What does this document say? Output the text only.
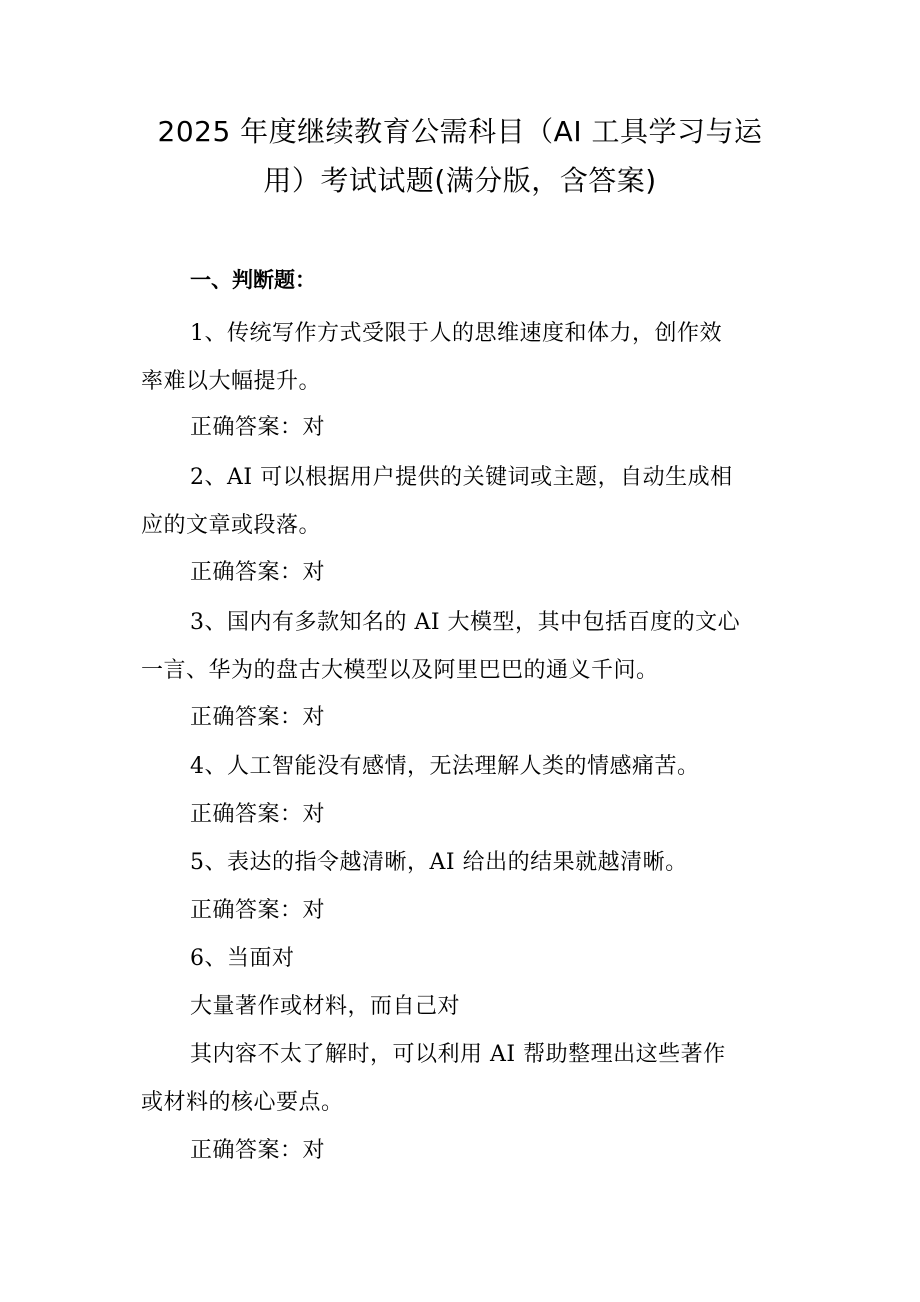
2025 年度继续教育公需科目（AI 工具学习与运
用）考试试题(满分版，含答案)
一、判断题：
1、传统写作方式受限于人的思维速度和体力，创作效
率难以大幅提升。
正确答案：对
2、AI 可以根据用户提供的关键词或主题，自动生成相
应的文章或段落。
正确答案：对
3、国内有多款知名的 AI 大模型，其中包括百度的文心
一言、华为的盘古大模型以及阿里巴巴的通义千问。
正确答案：对
4、人工智能没有感情，无法理解人类的情感痛苦。
正确答案：对
5、表达的指令越清晰，AI 给出的结果就越清晰。
正确答案：对
6、当面对
大量著作或材料，而自己对
其内容不太了解时，可以利用 AI 帮助整理出这些著作
或材料的核心要点。
正确答案：对
